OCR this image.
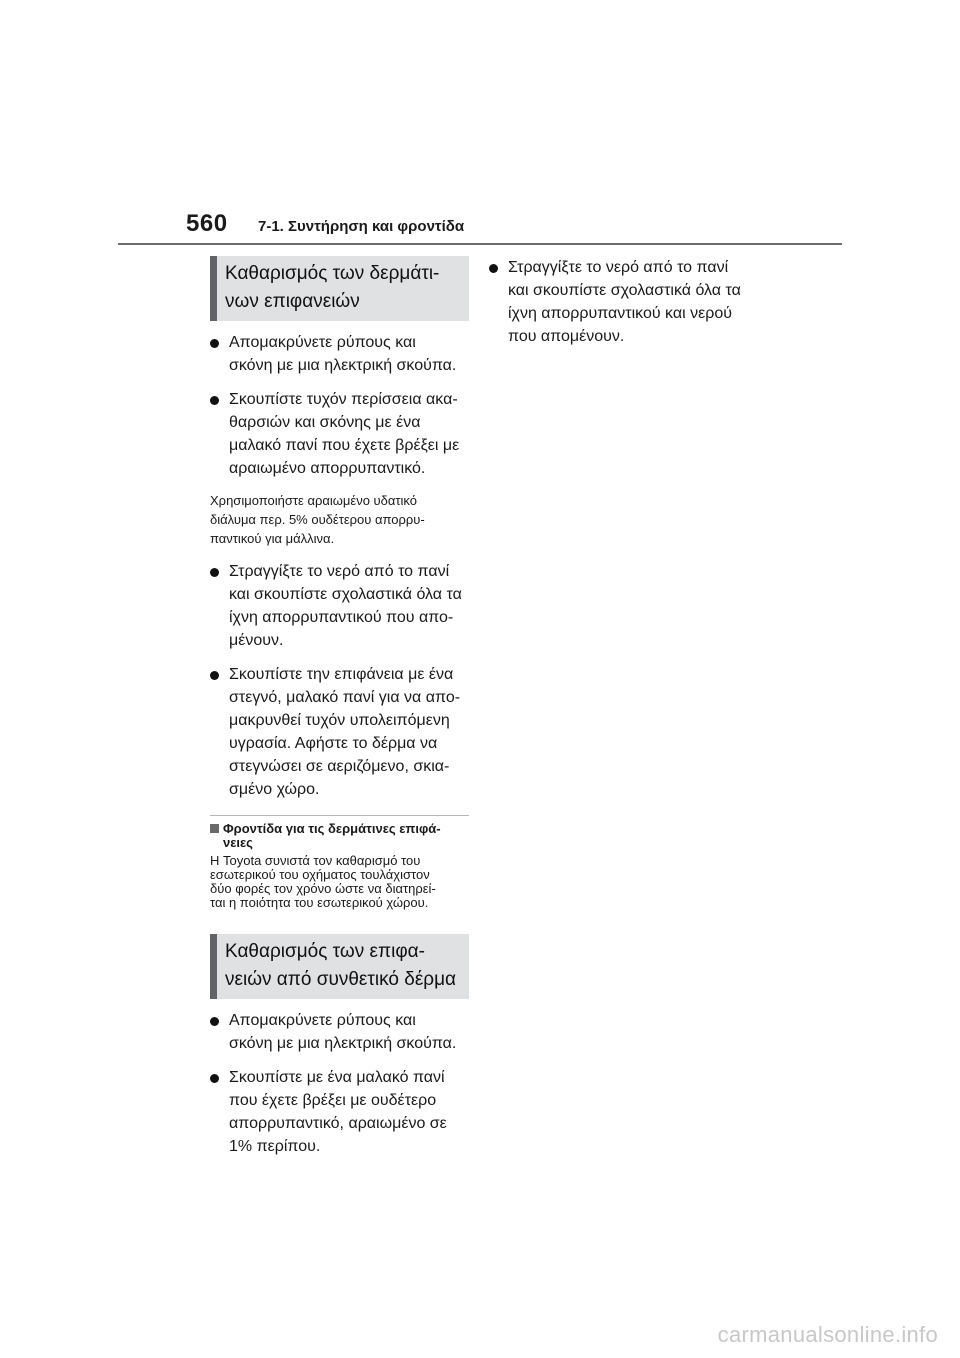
560 7-1. Συντήρηση και φροντίδα
Καθαρισμός των δερμάτι-
νων επιφανειών
Απομακρύνετε ρύπους και
σκόνη με μια ηλεκτρική σκούπα.
Σκουπίστε τυχόν περίσσεια ακα-
θαρσιών και σκόνης με ένα
μαλακό πανί που έχετε βρέξει με
αραιωμένο απορρυπαντικό.
Χρησιμοποιήστε αραιωμένο υδατικό
διάλυμα περ. 5% ουδέτερου απορρυ-
παντικού για μάλλινα.
Στραγγίξτε το νερό από το πανί
και σκουπίστε σχολαστικά όλα τα
ίχνη απορρυπαντικού που απο-
μένουν.
Σκουπίστε την επιφάνεια με ένα
στεγνό, μαλακό πανί για να απο-
μακρυνθεί τυχόν υπολειπόμενη
υγρασία. Αφήστε το δέρμα να
στεγνώσει σε αεριζόμενο, σκια-
σμένο χώρο.
Φροντίδα για τις δερμάτινες επιφά-
νειες
Η Toyota συνιστά τον καθαρισμό του
εσωτερικού του οχήματος τουλάχιστον
δύο φορές τον χρόνο ώστε να διατηρεί-
ται η ποιότητα του εσωτερικού χώρου.
Καθαρισμός των επιφα-
νειών από συνθετικό δέρμα
Απομακρύνετε ρύπους και
σκόνη με μια ηλεκτρική σκούπα.
Σκουπίστε με ένα μαλακό πανί
που έχετε βρέξει με ουδέτερο
απορρυπαντικό, αραιωμένο σε
1% περίπου.
Στραγγίξτε το νερό από το πανί
και σκουπίστε σχολαστικά όλα τα
ίχνη απορρυπαντικού και νερού
που απομένουν.
carmanualsonline.info
